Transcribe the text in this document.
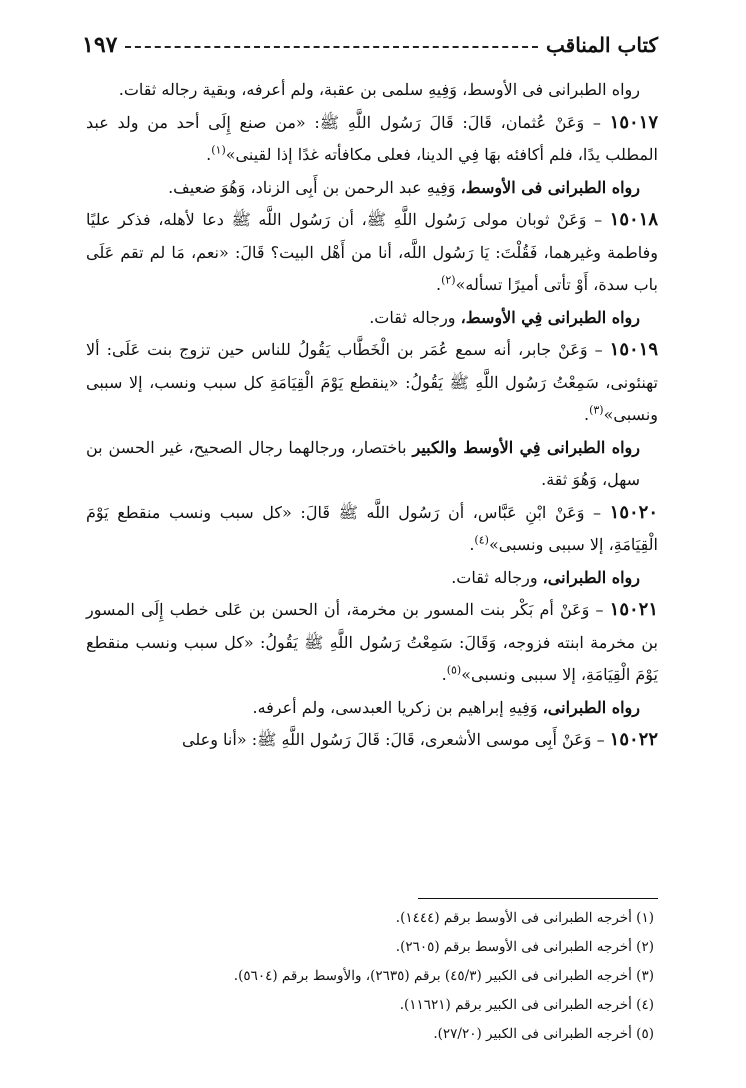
كتاب المناقب
١٩٧

رواه الطبرانى فى الأوسط، وَفِيهِ سلمى بن عقبة، ولم أعرفه، وبقية رجاله ثقات.

١٥٠١٧ – وَعَنْ عُثمان، قَالَ: قَالَ رَسُول اللَّهِ ﷺ: «من صنع إِلَى أحد من ولد عبد المطلب يدًا، فلم أكافئه بهَا فِي الدينا، فعلى مكافأته غدًا إذا لقينى»$^{(١)}$.

رواه الطبرانى فى الأوسط، وَفِيهِ عبد الرحمن بن أَبِى الزناد، وَهُوَ ضعيف.

١٥٠١٨ – وَعَنْ ثوبان مولى رَسُول اللَّهِ ﷺ، أن رَسُول اللَّه ﷺ دعا لأهله، فذكر عليًا وفاطمة وغيرهما، فَقُلْتَ: يَا رَسُول اللَّه، أنا من أَهْل البيت؟ قَالَ: «نعم، مَا لم تقم عَلَى باب سدة، أَوْ تأتى أميرًا تسأله»$^{(٢)}$.

رواه الطبرانى فِي الأوسط، ورجاله ثقات.

١٥٠١٩ – وَعَنْ جابر، أنه سمع عُمَر بن الْخَطَّاب يَقُولُ للناس حين تزوج بنت عَلَى: ألا تهنئونى، سَمِعْتُ رَسُول اللَّهِ ﷺ يَقُولُ: «ينقطع يَوْمَ الْقِيَامَةِ كل سبب ونسب، إلا سببى ونسبى»$^{(٣)}$.

رواه الطبرانى فِي الأوسط والكبير باختصار، ورجالهما رجال الصحيح، غير الحسن بن سهل، وَهُوَ ثقة.

١٥٠٢٠ – وَعَنْ ابْنِ عَبَّاس، أن رَسُول اللَّه ﷺ قَالَ: «كل سبب ونسب منقطع يَوْمَ الْقِيَامَةِ، إلا سببى ونسبى»$^{(٤)}$.

رواه الطبرانى، ورجاله ثقات.

١٥٠٢١ – وَعَنْ أم بَكْر بنت المسور بن مخرمة، أن الحسن بن عَلى خطب إِلَى المسور بن مخرمة ابنته فزوجه، وَقَالَ: سَمِعْتُ رَسُول اللَّهِ ﷺ يَقُولُ: «كل سبب ونسب منقطع يَوْمَ الْقِيَامَةِ، إلا سببى ونسبى»$^{(٥)}$.

رواه الطبرانى، وَفِيهِ إبراهيم بن زكريا العبدسى، ولم أعرفه.

١٥٠٢٢ – وَعَنْ أَبِى موسى الأشعرى، قَالَ: قَالَ رَسُول اللَّهِ ﷺ: «أنا وعلى

(١) أخرجه الطبرانى فى الأوسط برقم (١٤٤٤).

(٢) أخرجه الطبرانى فى الأوسط برقم (٢٦٠٥).

(٣) أخرجه الطبرانى فى الكبير (٤٥/٣) برقم (٢٦٣٥)، والأوسط برقم (٥٦٠٤).

(٤) أخرجه الطبرانى فى الكبير برقم (١١٦٢١).

(٥) أخرجه الطبرانى فى الكبير (٢٧/٢٠).
